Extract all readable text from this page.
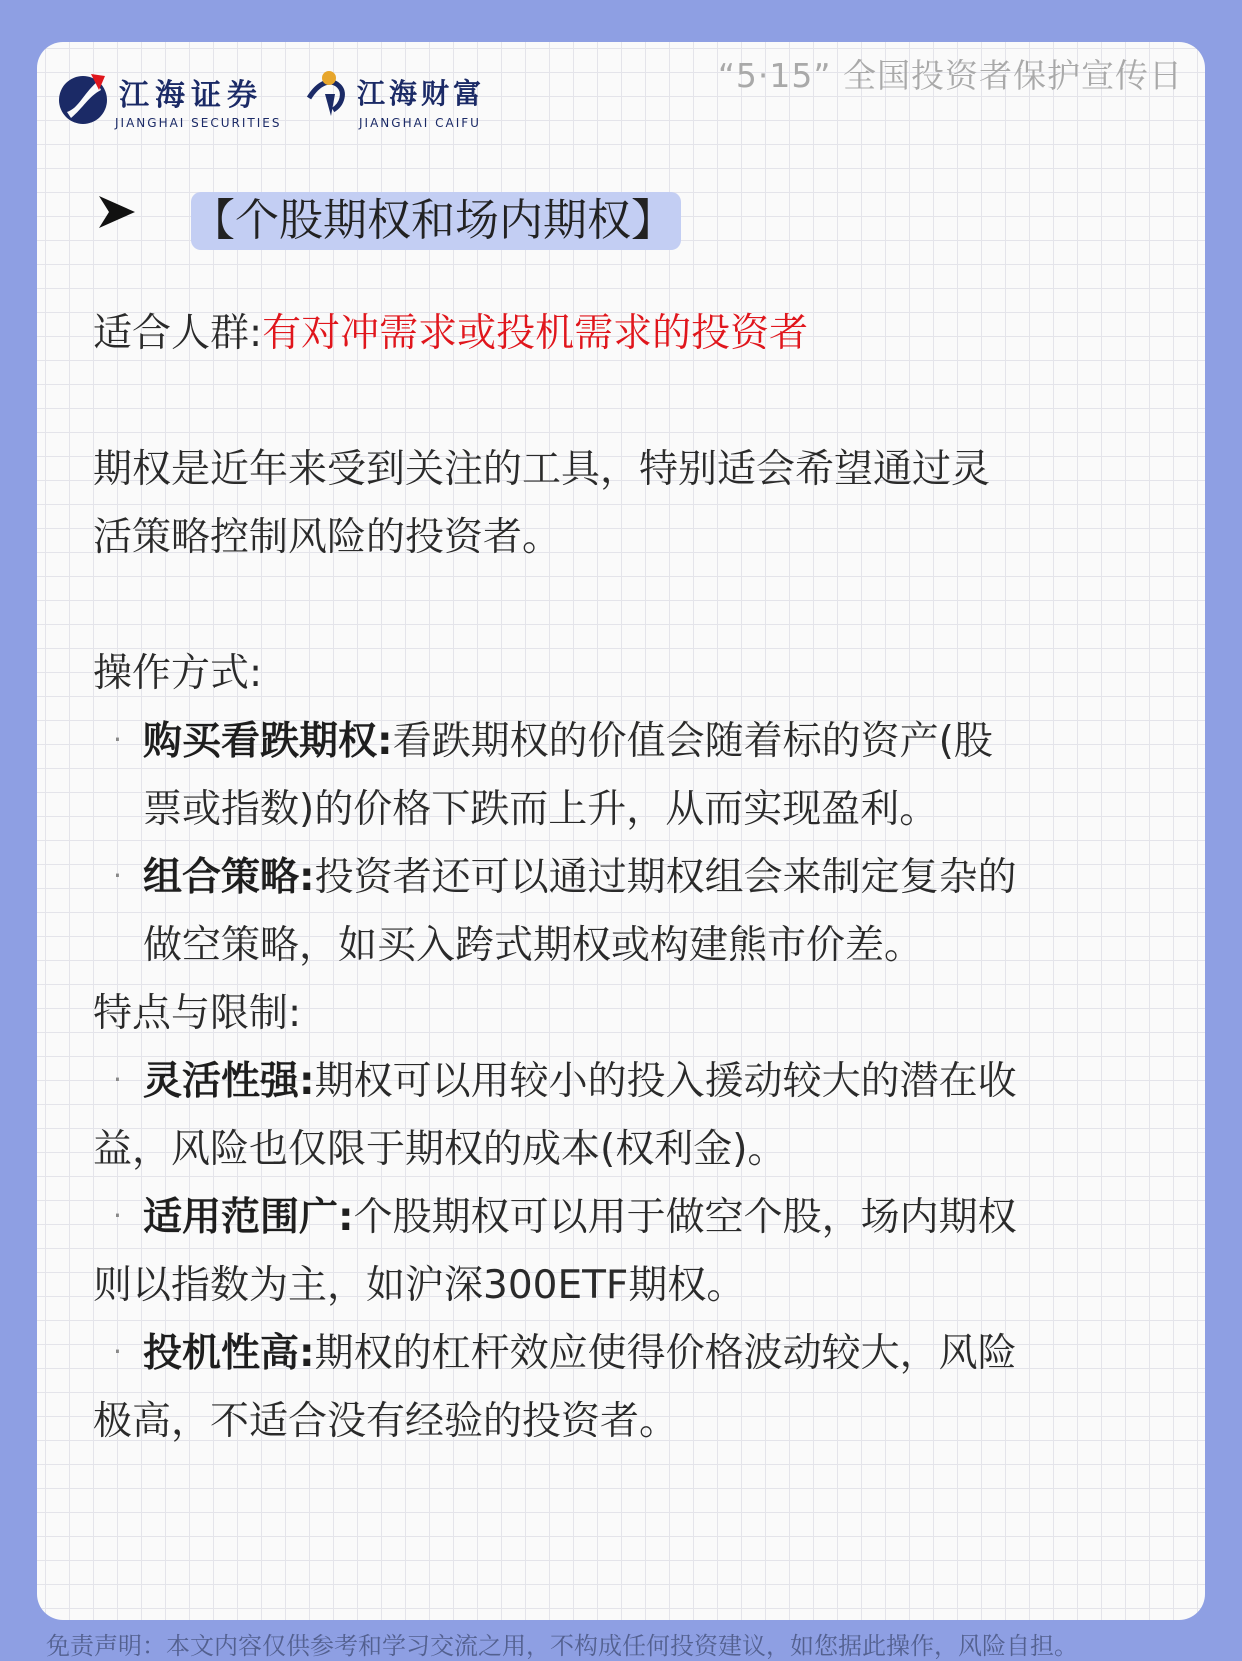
江海证券
JIANGHAI SECURITIES
江海财富
JIANGHAI CAIFU
“5·15” 全国投资者保护宣传日
【个股期权和场内期权】
适合人群:有对冲需求或投机需求的投资者
期权是近年来受到关注的工具，特别适会希望通过灵
活策略控制风险的投资者。
操作方式:
· 购买看跌期权:看跌期权的价值会随着标的资产(股
票或指数)的价格下跌而上升，从而实现盈利。
· 组合策略:投资者还可以通过期权组会来制定复杂的
做空策略，如买入跨式期权或构建熊市价差。
特点与限制:
· 灵活性强:期权可以用较小的投入援动较大的潜在收
益，风险也仅限于期权的成本(权利金)。
· 适用范围广:个股期权可以用于做空个股，场内期权
则以指数为主，如沪深300ETF期权。
· 投机性高:期权的杠杆效应使得价格波动较大，风险
极高，不适合没有经验的投资者。
免责声明：本文内容仅供参考和学习交流之用，不构成任何投资建议，如您据此操作，风险自担。
